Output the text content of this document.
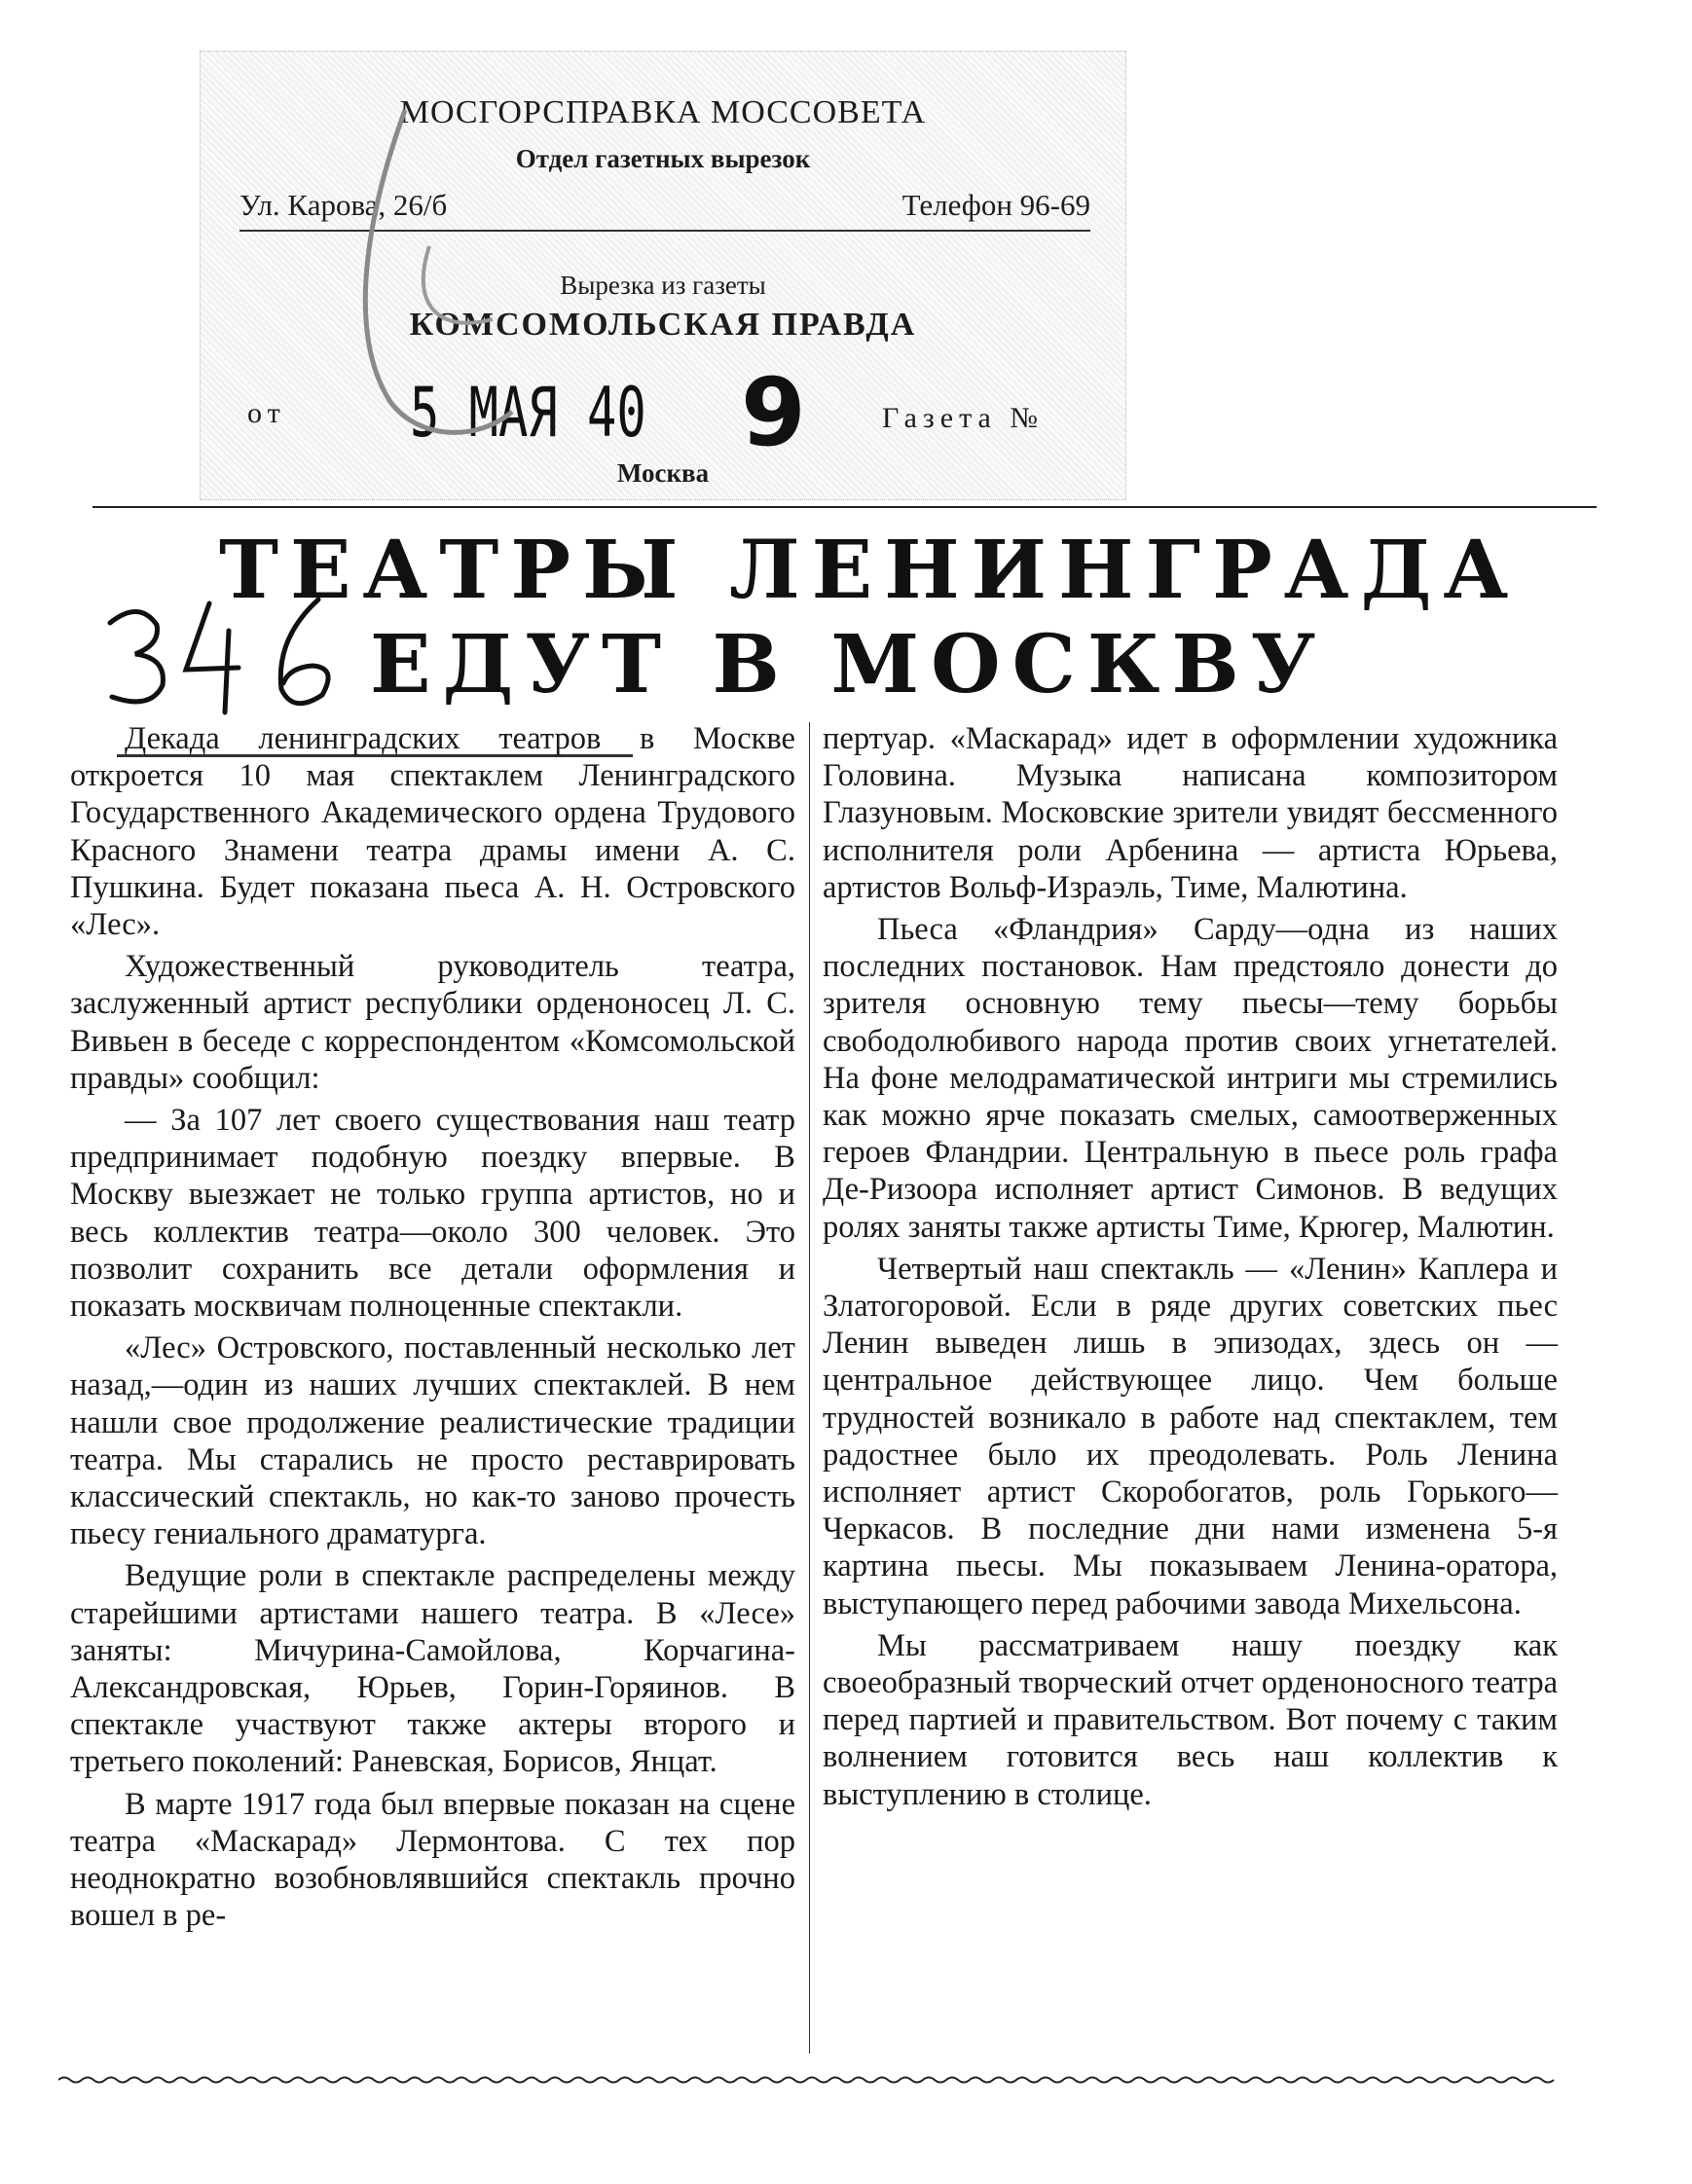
МОСГОРСПРАВКА МОССОВЕТА
Отдел газетных вырезок
Ул. Карова, 26/б	Телефон 96-69
Вырезка из газеты
КОМСОМОЛЬСКАЯ ПРАВДА
от 5 МАЯ 40 9	Газета №
Москва
ТЕАТРЫ ЛЕНИНГРАДА
ЕДУТ В МОСКВУ

Декада ленинградских театров в Москве откроется 10 мая спектаклем Ленинградского Государственного Академического ордена Трудового Красного Знамени театра драмы имени А. С. Пушкина. Будет показана пьеса А. Н. Островского «Лес».

Художественный руководитель театра, заслуженный артист республики орденоносец Л. С. Вивьен в беседе с корреспондентом «Комсомольской правды» сообщил:

— За 107 лет своего существования наш театр предпринимает подобную поездку впервые. В Москву выезжает не только группа артистов, но и весь коллектив театра—около 300 человек. Это позволит сохранить все детали оформления и показать москвичам полноценные спектакли.

«Лес» Островского, поставленный несколько лет назад,—один из наших лучших спектаклей. В нем нашли свое продолжение реалистические традиции театра. Мы старались не просто реставрировать классический спектакль, но как-то заново прочесть пьесу гениального драматурга.

Ведущие роли в спектакле распределены между старейшими артистами нашего театра. В «Лесе» заняты: Мичурина-Самойлова, Корчагина-Александровская, Юрьев, Горин-Горяинов. В спектакле участвуют также актеры второго и третьего поколений: Раневская, Борисов, Янцат.

В марте 1917 года был впервые показан на сцене театра «Маскарад» Лермонтова. С тех пор неоднократно возобновлявшийся спектакль прочно вошел в ре-

пертуар. «Маскарад» идет в оформлении художника Головина. Музыка написана композитором Глазуновым. Московские зрители увидят бессменного исполнителя роли Арбенина — артиста Юрьева, артистов Вольф-Израэль, Тиме, Малютина.

Пьеса «Фландрия» Сарду—одна из наших последних постановок. Нам предстояло донести до зрителя основную тему пьесы—тему борьбы свободолюбивого народа против своих угнетателей. На фоне мелодраматической интриги мы стремились как можно ярче показать смелых, самоотверженных героев Фландрии. Центральную в пьесе роль графа Де-Ризоора исполняет артист Симонов. В ведущих ролях заняты также артисты Тиме, Крюгер, Малютин.

Четвертый наш спектакль — «Ленин» Каплера и Златогоровой. Если в ряде других советских пьес Ленин выведен лишь в эпизодах, здесь он — центральное действующее лицо. Чем больше трудностей возникало в работе над спектаклем, тем радостнее было их преодолевать. Роль Ленина исполняет артист Скоробогатов, роль Горького—Черкасов. В последние дни нами изменена 5-я картина пьесы. Мы показываем Ленина-оратора, выступающего перед рабочими завода Михельсона.

Мы рассматриваем нашу поездку как своеобразный творческий отчет орденоносного театра перед партией и правительством. Вот почему с таким волнением готовится весь наш коллектив к выступлению в столице.
